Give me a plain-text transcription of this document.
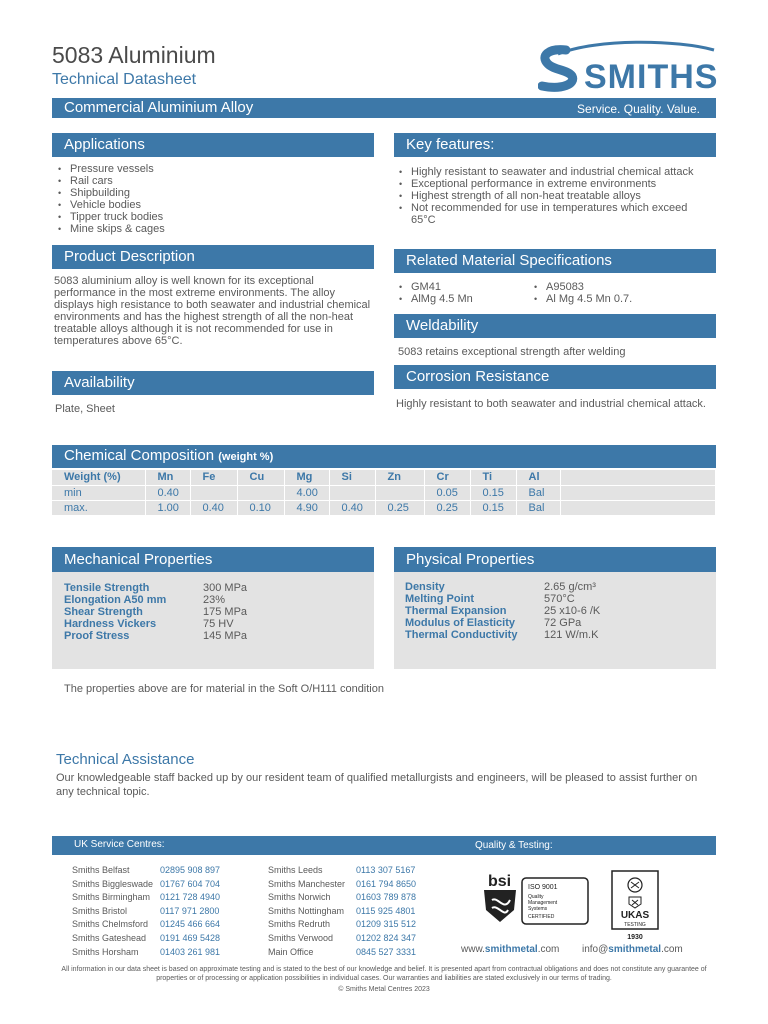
5083 Aluminium
Technical Datasheet	SMITHS
Commercial Aluminium Alloy	Service. Quality. Value.
Applications
• Pressure vessels
• Rail cars
• Shipbuilding
• Vehicle bodies
• Tipper truck bodies
• Mine skips & cages
Key features:
• Highly resistant to seawater and industrial chemical attack
• Exceptional performance in extreme environments
• Highest strength of all non-heat treatable alloys
• Not recommended for use in temperatures which exceed 65°C
Product Description
5083 aluminium alloy is well known for its exceptional performance in the most extreme environments. The alloy displays high resistance to both seawater and industrial chemical environments and has the highest strength of all the non-heat treatable alloys although it is not recommended for use in temperatures above 65°C.
Related Material Specifications
• GM41
• AlMg 4.5 Mn
• A95083
• Al Mg 4.5 Mn 0.7.
Weldability
5083 retains exceptional strength after welding
Availability
Plate, Sheet
Corrosion Resistance
Highly resistant to both seawater and industrial chemical attack.
Chemical Composition (weight %)
Weight (%)	Mn	Fe	Cu	Mg	Si	Zn	Cr	Ti	Al	
min	0.40			4.00			0.05	0.15	Bal	
max.	1.00	0.40	0.10	4.90	0.40	0.25	0.25	0.15	Bal	
Mechanical Properties
Tensile Strength	300 MPa
Elongation A50 mm	23%
Shear Strength	175 MPa
Hardness Vickers	75 HV
Proof Stress	145 MPa
Physical Properties
Density	2.65 g/cm³
Melting Point	570°C
Thermal Expansion	25 x10-6 /K
Modulus of Elasticity	72 GPa
Thermal Conductivity	121 W/m.K
The properties above are for material in the Soft O/H111 condition
Technical Assistance
Our knowledgeable staff backed up by our resident team of qualified metallurgists and engineers, will be pleased to assist further on any technical topic.
UK Service Centres:	Quality & Testing:
Smiths Belfast	02895 908 897
Smiths Biggleswade	01767 604 704
Smiths Birmingham	0121 728 4940
Smiths Bristol	0117 971 2800
Smiths Chelmsford	01245 466 664
Smiths Gateshead	0191 469 5428
Smiths Horsham	01403 261 981
Smiths Leeds	0113 307 5167
Smiths Manchester	0161 794 8650
Smiths Norwich	01603 789 878
Smiths Nottingham	0115 925 4801
Smiths Redruth	01209 315 512
Smiths Verwood	01202 824 347
Main Office	0845 527 3331
bsi ISO 9001
Quality
Management
Systems
CERTIFIED	UKAS
TESTING
1930
www.smithmetal.com info@smithmetal.com
All information in our data sheet is based on approximate testing and is stated to the best of our knowledge and belief. It is presented apart from contractual obligations and does not constitute any guarantee of properties or of processing or application possibilities in individual cases. Our warranties and liabilities are stated exclusively in our terms of trading.
© Smiths Metal Centres 2023
